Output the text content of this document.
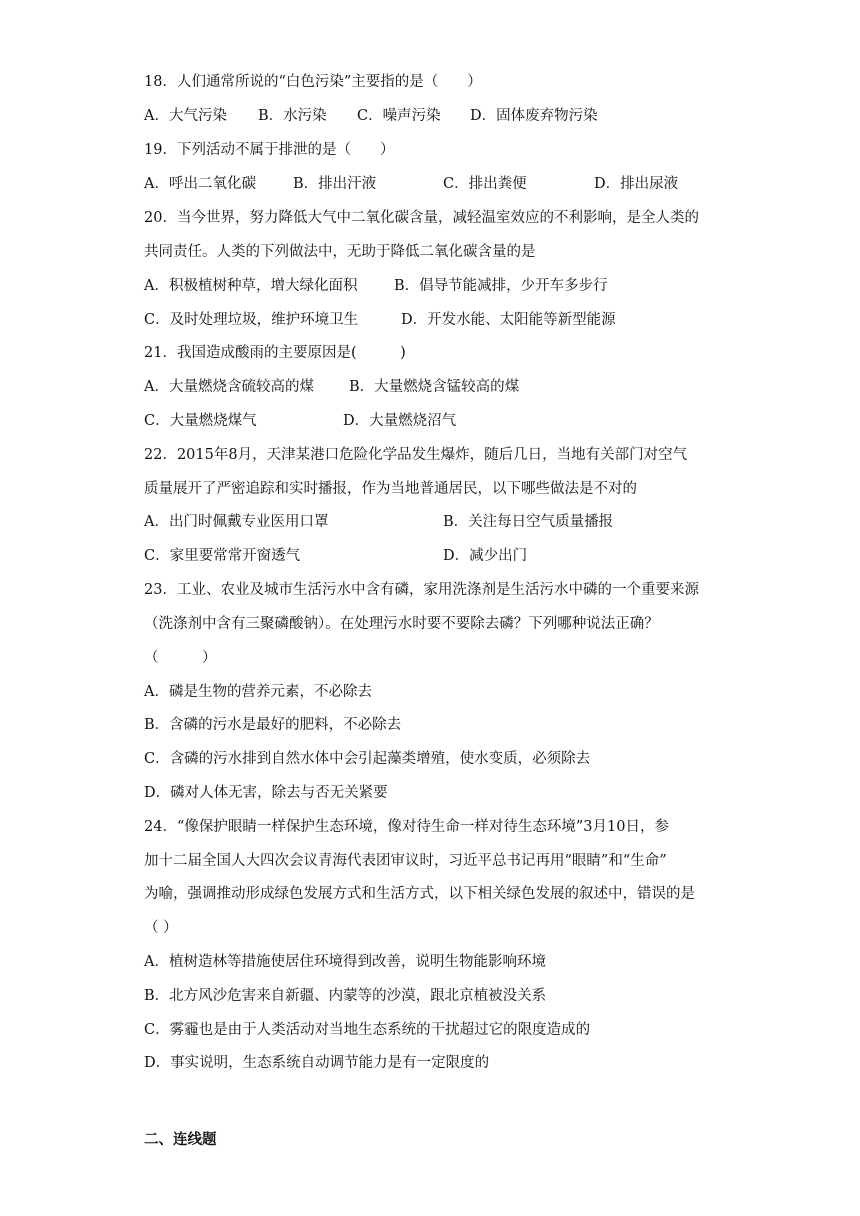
18．人们通常所说的“白色污染”主要指的是（　　）
A．大气污染 B．水污染 C．噪声污染 D．固体废弃物污染
19．下列活动不属于排泄的是（　　）
A．呼出二氧化碳	B．排出汗液	C．排出粪便	D．排出尿液
20．当今世界，努力降低大气中二氧化碳含量，减轻温室效应的不利影响，是全人类的
共同责任。人类的下列做法中，无助于降低二氧化碳含量的是
A．积极植树种草，增大绿化面积	B．倡导节能减排，少开车多步行
C．及时处理垃圾，维护环境卫生	D．开发水能、太阳能等新型能源
21．我国造成酸雨的主要原因是(　　　)
A．大量燃烧含硫较高的煤 B．大量燃烧含锰较高的煤
C．大量燃烧煤气	D．大量燃烧沼气
22．2015年8月，天津某港口危险化学品发生爆炸，随后几日，当地有关部门对空气
质量展开了严密追踪和实时播报，作为当地普通居民，以下哪些做法是不对的
A．出门时佩戴专业医用口罩	B．关注每日空气质量播报
C．家里要常常开窗透气	D．减少出门
23．工业、农业及城市生活污水中含有磷，家用洗涤剂是生活污水中磷的一个重要来源
（洗涤剂中含有三聚磷酸钠）。在处理污水时要不要除去磷？下列哪种说法正确？
（　　　）
A．磷是生物的营养元素，不必除去
B．含磷的污水是最好的肥料，不必除去
C．含磷的污水排到自然水体中会引起藻类增殖，使水变质，必须除去
D．磷对人体无害，除去与否无关紧要
24．“像保护眼睛一样保护生态环境，像对待生命一样对待生态环境”3月10日，参
加十二届全国人大四次会议青海代表团审议时，习近平总书记再用“眼睛”和“生命”
为喻，强调推动形成绿色发展方式和生活方式，以下相关绿色发展的叙述中，错误的是
（ ）
A．植树造林等措施使居住环境得到改善，说明生物能影响环境
B．北方风沙危害来自新疆、内蒙等的沙漠，跟北京植被没关系
C．雾霾也是由于人类活动对当地生态系统的干扰超过它的限度造成的
D．事实说明，生态系统自动调节能力是有一定限度的
二、连线题
